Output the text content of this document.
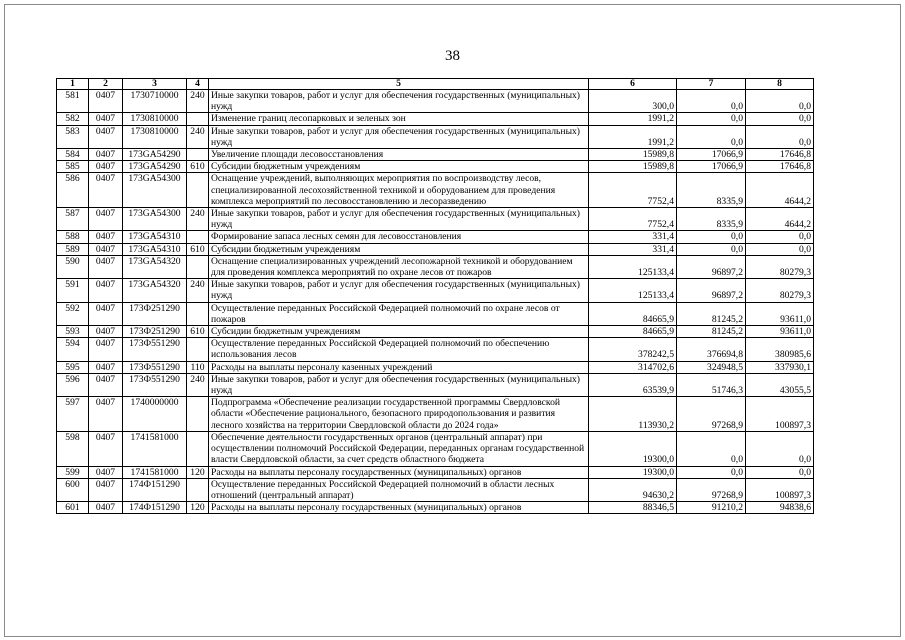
38
1	2	3	4	5	6	7	8
581	0407	1730710000	240	Иные закупки товаров, работ и услуг для обеспечения государственных (муниципальных) нужд	300,0	0,0	0,0
582	0407	1730810000		Изменение границ лесопарковых и зеленых зон	1991,2	0,0	0,0
583	0407	1730810000	240	Иные закупки товаров, работ и услуг для обеспечения государственных (муниципальных) нужд	1991,2	0,0	0,0
584	0407	173GA54290		Увеличение площади лесовосстановления	15989,8	17066,9	17646,8
585	0407	173GA54290	610	Субсидии бюджетным учреждениям	15989,8	17066,9	17646,8
586	0407	173GA54300		Оснащение учреждений, выполняющих мероприятия по воспроизводству лесов, специализированной лесохозяйственной техникой и оборудованием для проведения комплекса мероприятий по лесовосстановлению и лесоразведению	7752,4	8335,9	4644,2
587	0407	173GA54300	240	Иные закупки товаров, работ и услуг для обеспечения государственных (муниципальных) нужд	7752,4	8335,9	4644,2
588	0407	173GA54310		Формирование запаса лесных семян для лесовосстановления	331,4	0,0	0,0
589	0407	173GA54310	610	Субсидии бюджетным учреждениям	331,4	0,0	0,0
590	0407	173GA54320		Оснащение специализированных учреждений лесопожарной техникой и оборудованием для проведения комплекса мероприятий по охране лесов от пожаров	125133,4	96897,2	80279,3
591	0407	173GA54320	240	Иные закупки товаров, работ и услуг для обеспечения государственных (муниципальных) нужд	125133,4	96897,2	80279,3
592	0407	173Ф251290		Осуществление переданных Российской Федерацией полномочий по охране лесов от пожаров	84665,9	81245,2	93611,0
593	0407	173Ф251290	610	Субсидии бюджетным учреждениям	84665,9	81245,2	93611,0
594	0407	173Ф551290		Осуществление переданных Российской Федерацией полномочий по обеспечению использования лесов	378242,5	376694,8	380985,6
595	0407	173Ф551290	110	Расходы на выплаты персоналу казенных учреждений	314702,6	324948,5	337930,1
596	0407	173Ф551290	240	Иные закупки товаров, работ и услуг для обеспечения государственных (муниципальных) нужд	63539,9	51746,3	43055,5
597	0407	1740000000		Подпрограмма «Обеспечение реализации государственной программы Свердловской области «Обеспечение рационального, безопасного природопользования и развития лесного хозяйства на территории Свердловской области до 2024 года»	113930,2	97268,9	100897,3
598	0407	1741581000		Обеспечение деятельности государственных органов (центральный аппарат) при осуществлении полномочий Российской Федерации, переданных органам государственной власти Свердловской области, за счет средств областного бюджета	19300,0	0,0	0,0
599	0407	1741581000	120	Расходы на выплаты персоналу государственных (муниципальных) органов	19300,0	0,0	0,0
600	0407	174Ф151290		Осуществление переданных Российской Федерацией полномочий в области лесных отношений (центральный аппарат)	94630,2	97268,9	100897,3
601	0407	174Ф151290	120	Расходы на выплаты персоналу государственных (муниципальных) органов	88346,5	91210,2	94838,6
